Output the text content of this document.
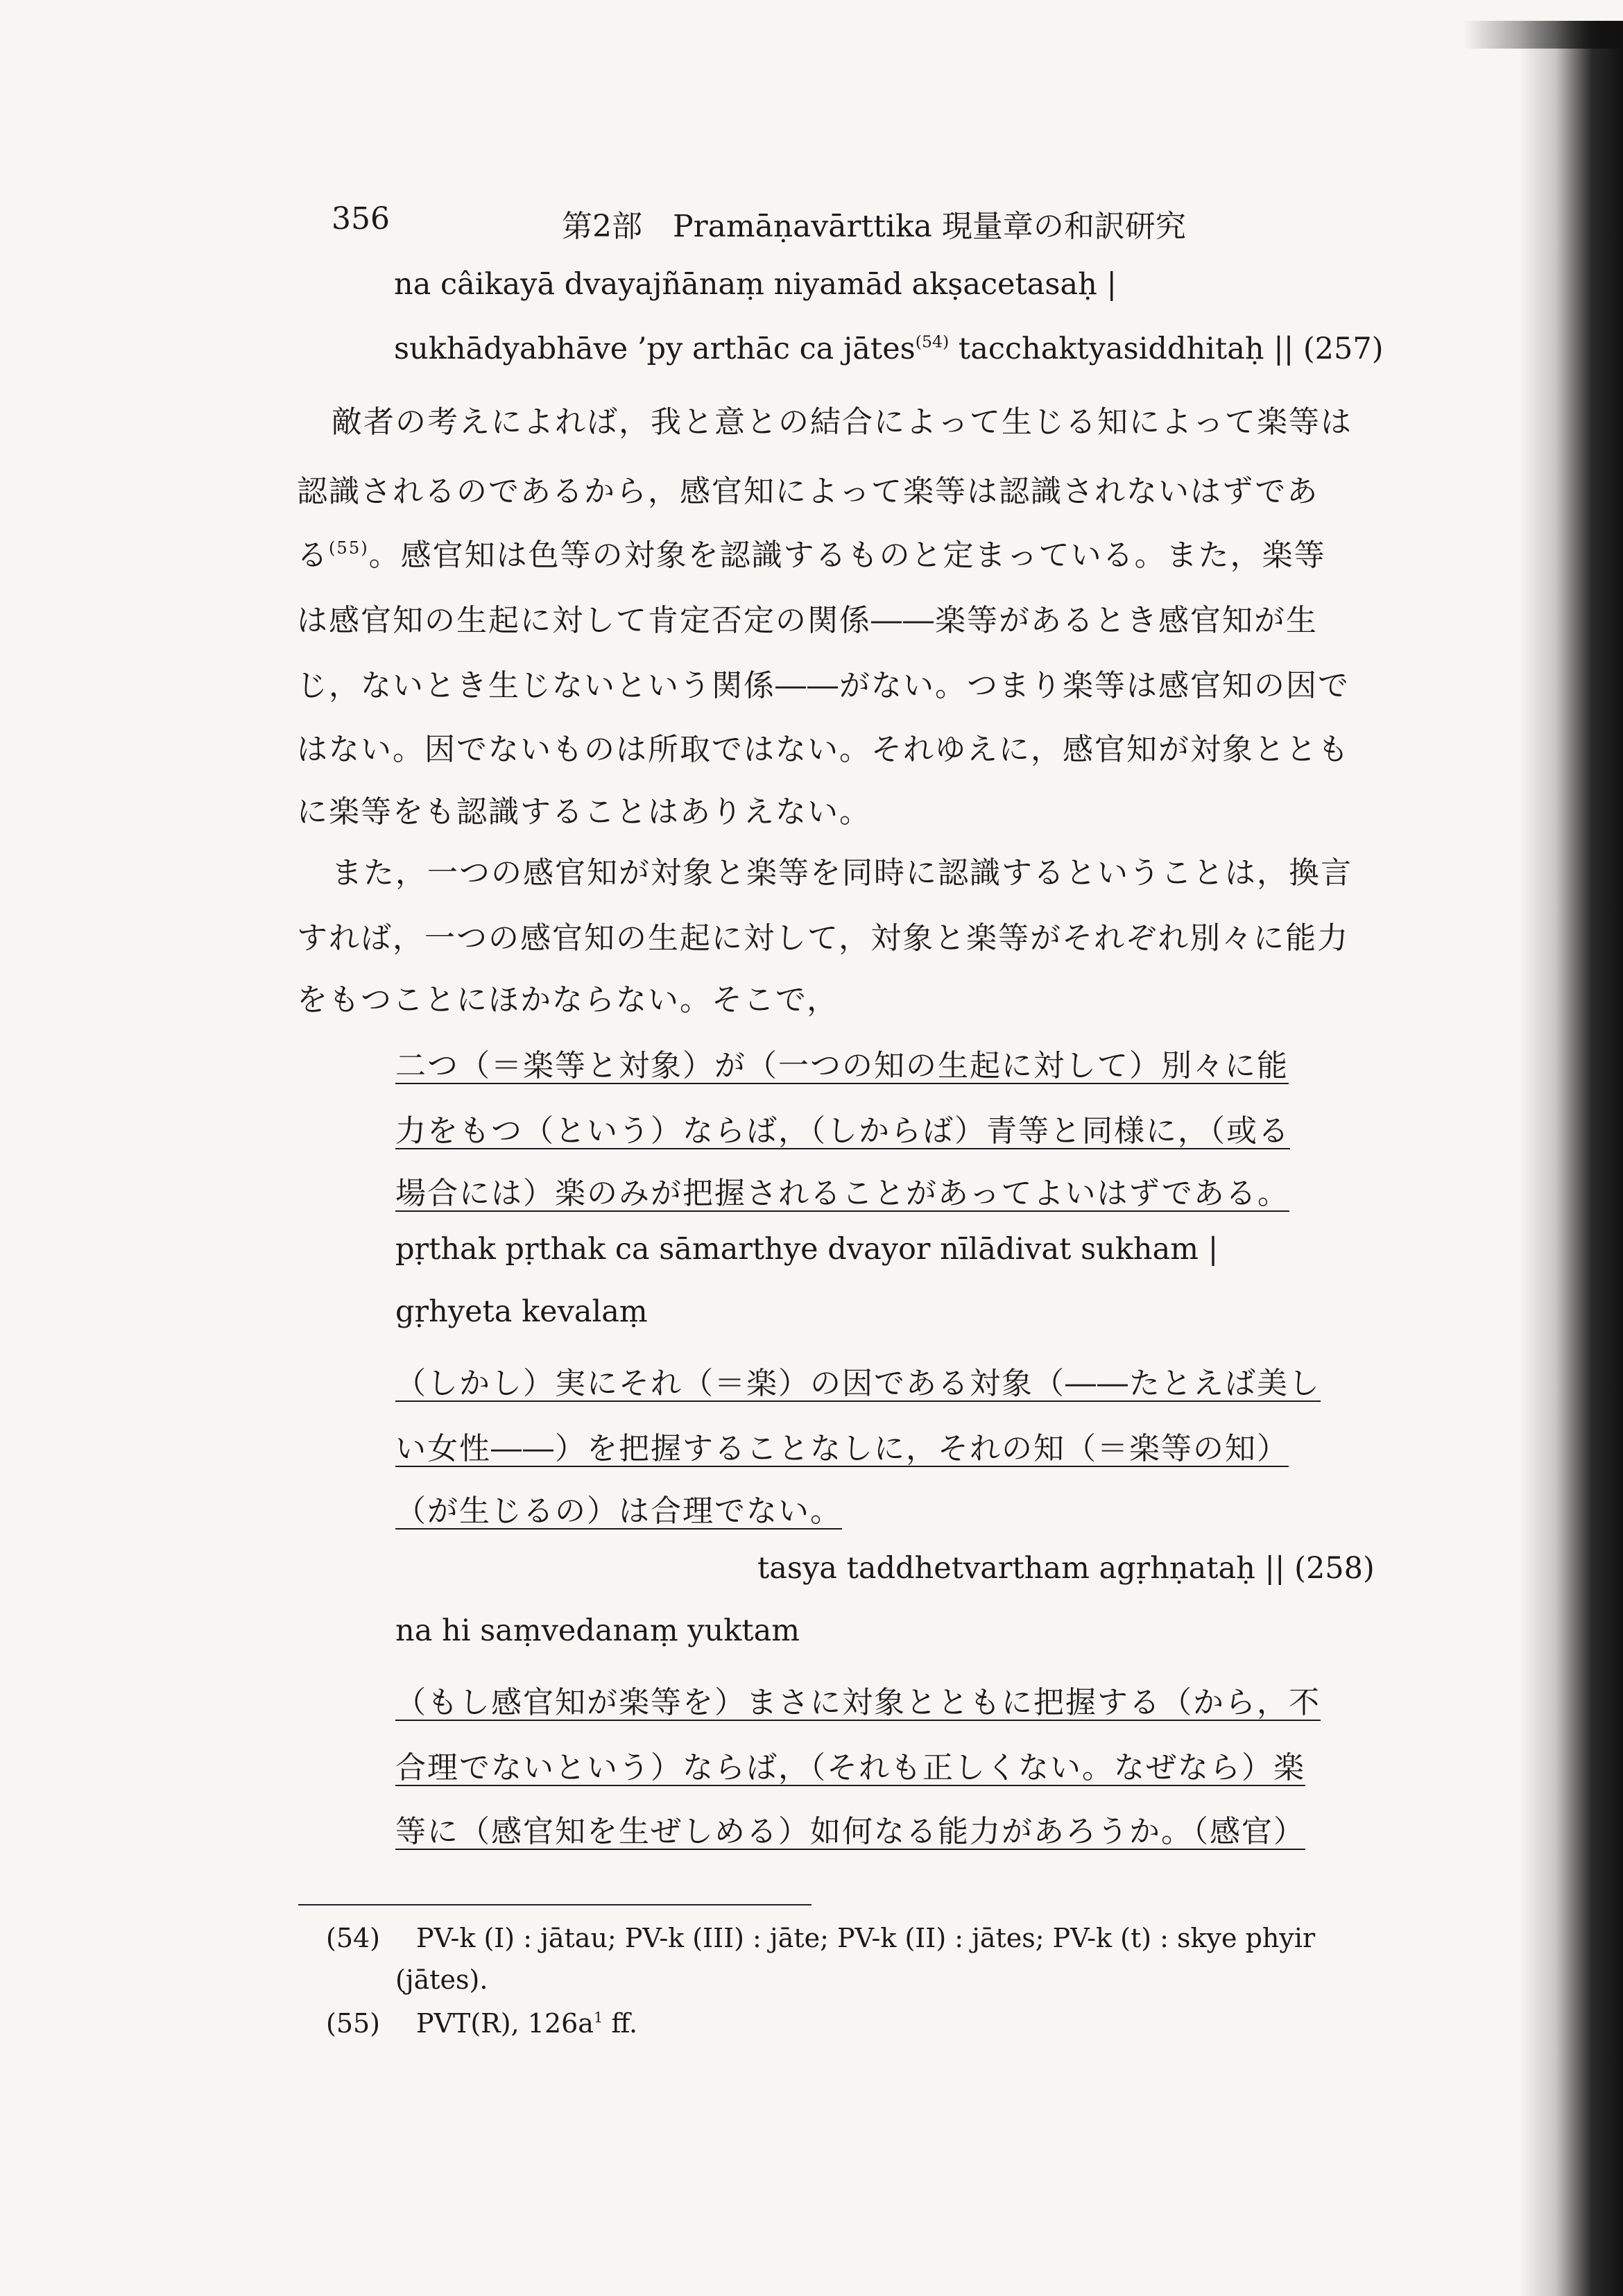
356	第2部　Pramāṇavārttika 現量章の和訳研究
na câikayā dvayajñānaṃ niyamād akṣacetasaḥ |
sukhādyabhāve ’py arthāc ca jātes$^{(54)}$ tacchaktyasiddhitaḥ || (257)
敵者の考えによれば，我と意との結合によって生じる知によって楽等は
認識されるのであるから，感官知によって楽等は認識されないはずであ
る$^{(55)}$。感官知は色等の対象を認識するものと定まっている。また，楽等
は感官知の生起に対して肯定否定の関係――楽等があるとき感官知が生
じ，ないとき生じないという関係――がない。つまり楽等は感官知の因で
はない。因でないものは所取ではない。それゆえに，感官知が対象ととも
に楽等をも認識することはありえない。
また，一つの感官知が対象と楽等を同時に認識するということは，換言
すれば，一つの感官知の生起に対して，対象と楽等がそれぞれ別々に能力
をもつことにほかならない。そこで，
二つ（＝楽等と対象）が（一つの知の生起に対して）別々に能
力をもつ（という）ならば，（しからば）青等と同様に，（或る
場合には）楽のみが把握されることがあってよいはずである。
pṛthak pṛthak ca sāmarthye dvayor nīlādivat sukham |
gṛhyeta kevalaṃ
（しかし）実にそれ（＝楽）の因である対象（――たとえば美し
い女性――）を把握することなしに，それの知（＝楽等の知）
（が生じるの）は合理でない。
tasya taddhetvartham agṛhṇataḥ || (258)
na hi saṃvedanaṃ yuktam
（もし感官知が楽等を）まさに対象とともに把握する（から，不
合理でないという）ならば，（それも正しくない。なぜなら）楽
等に（感官知を生ぜしめる）如何なる能力があろうか。（感官）
(54) PV-k (I) : jātau; PV-k (III) : jāte; PV-k (II) : jātes; PV-k (t) : skye phyir
(jātes).
(55) PVT(R), $126a^1$ ff.
